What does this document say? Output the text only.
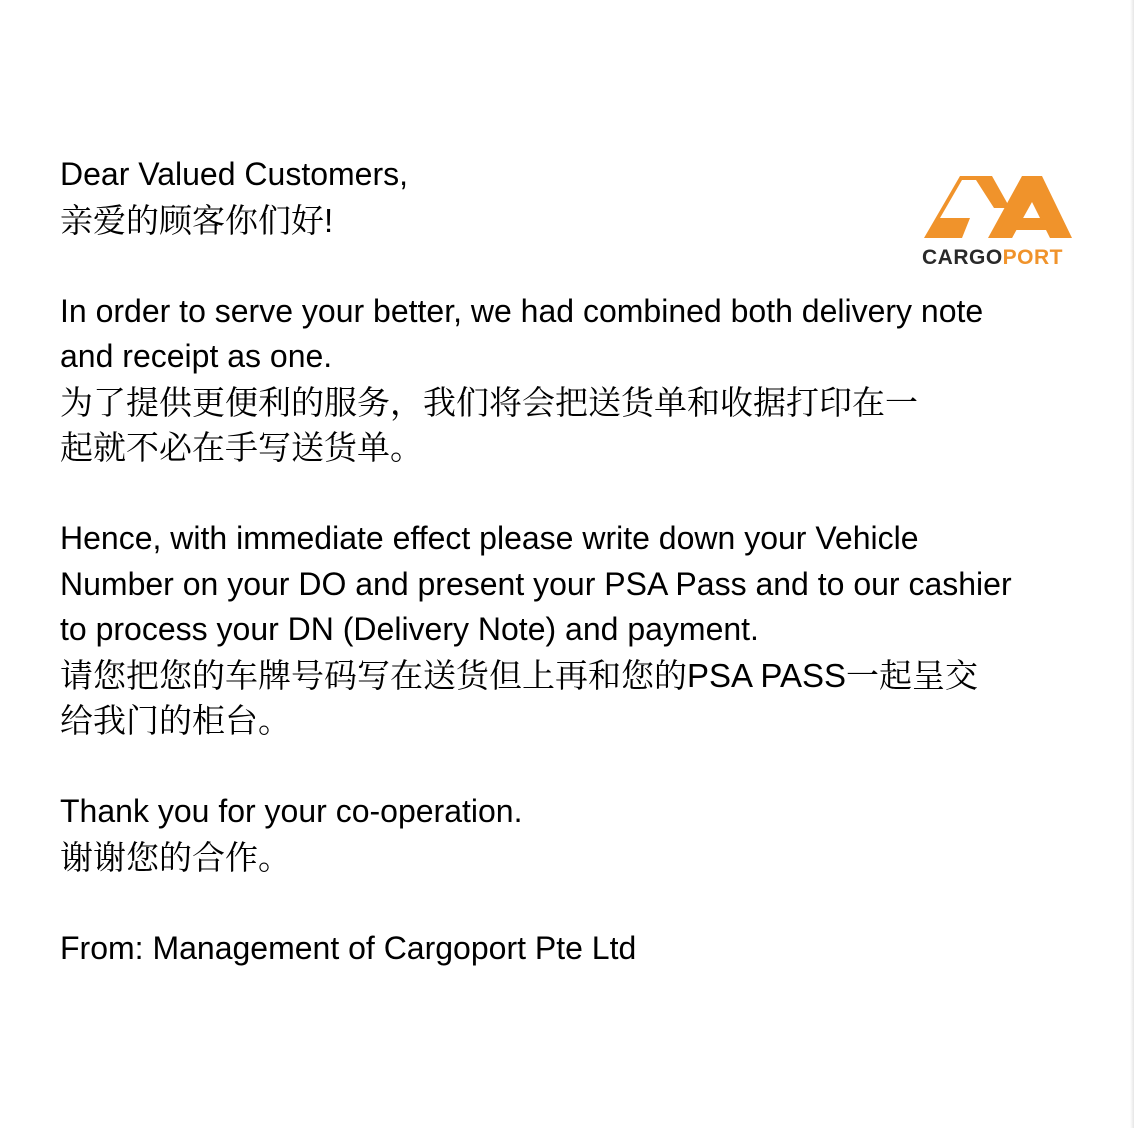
CARGOPORT
Dear Valued Customers,
亲爱的顾客你们好!
In order to serve your better, we had combined both delivery note
and receipt as one.
为了提供更便利的服务，我们将会把送货单和收据打印在一
起就不必在手写送货单。
Hence, with immediate effect please write down your Vehicle
Number on your DO and present your PSA Pass and to our cashier
to process your DN (Delivery Note) and payment.
请您把您的车牌号码写在送货但上再和您的PSA PASS一起呈交
给我门的柜台。
Thank you for your co-operation.
谢谢您的合作。
From: Management of Cargoport Pte Ltd
